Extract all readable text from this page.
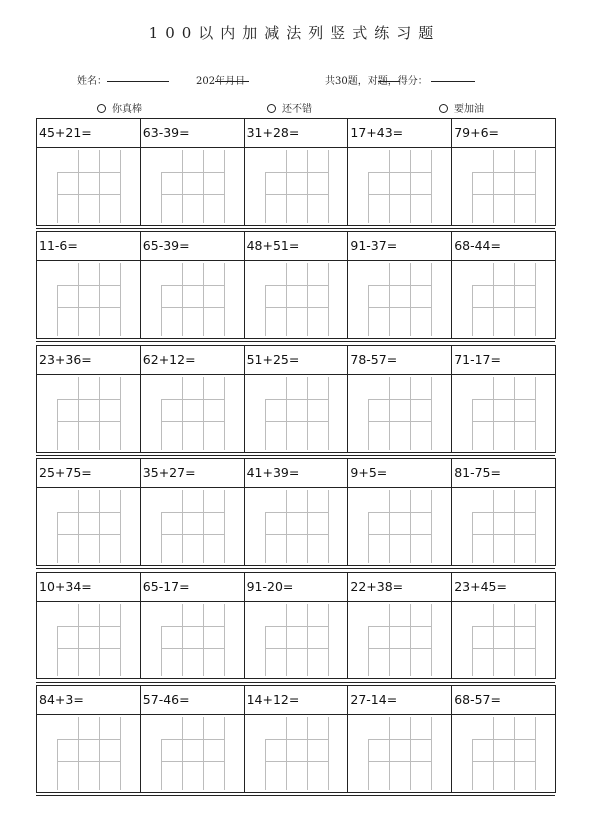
100以内加减法列竖式练习题
姓名：	202
年
月
日	共30题，对
题，得分：
你真棒	还不错	要加油
45+21=	63-39=	31+28=	17+43=	79+6=
11-6=	65-39=	48+51=	91-37=	68-44=
23+36=	62+12=	51+25=	78-57=	71-17=
25+75=	35+27=	41+39=	9+5=	81-75=
10+34=	65-17=	91-20=	22+38=	23+45=
84+3=	57-46=	14+12=	27-14=	68-57=
